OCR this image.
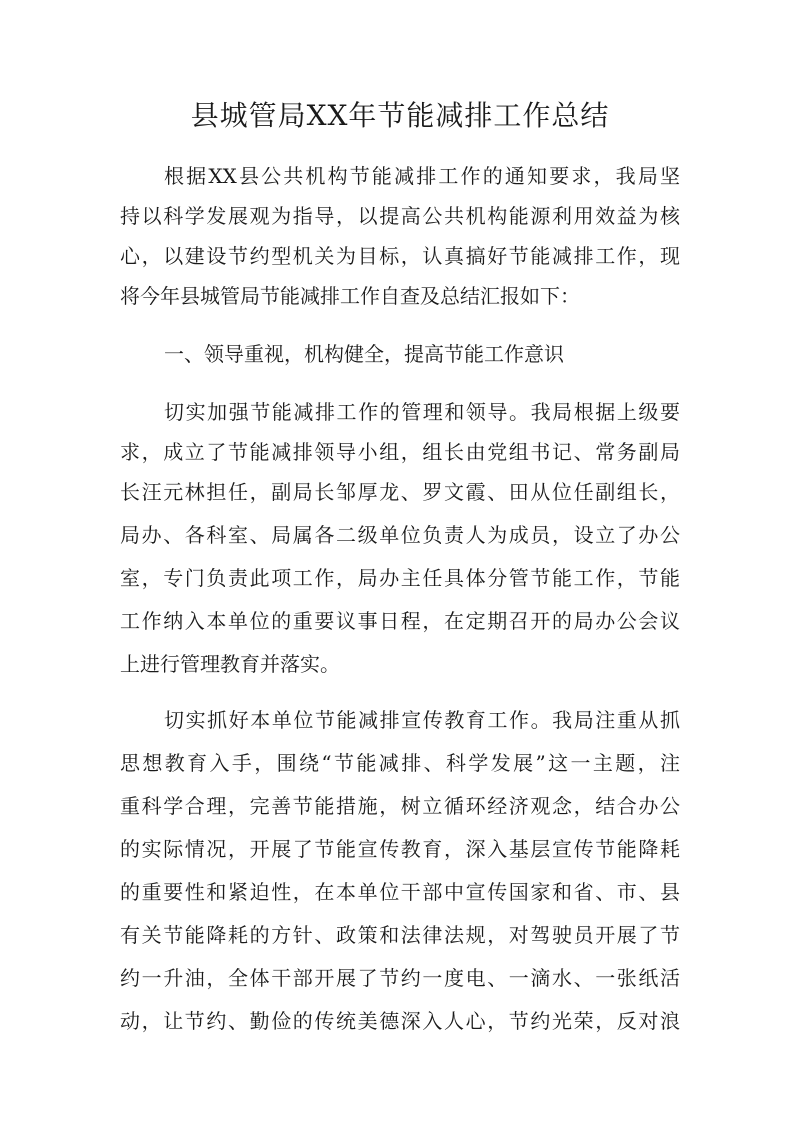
县城管局XX年节能减排工作总结

根据XX县公共机构节能减排工作的通知要求，我局坚

持以科学发展观为指导，以提高公共机构能源利用效益为核

心，以建设节约型机关为目标，认真搞好节能减排工作，现

将今年县城管局节能减排工作自查及总结汇报如下：

一、领导重视，机构健全，提高节能工作意识

切实加强节能减排工作的管理和领导。我局根据上级要

求，成立了节能减排领导小组，组长由党组书记、常务副局

长汪元林担任，副局长邹厚龙、罗文霞、田从位任副组长，

局办、各科室、局属各二级单位负责人为成员，设立了办公

室，专门负责此项工作，局办主任具体分管节能工作，节能

工作纳入本单位的重要议事日程，在定期召开的局办公会议

上进行管理教育并落实。

切实抓好本单位节能减排宣传教育工作。我局注重从抓

思想教育入手，围绕“节能减排、科学发展”这一主题，注

重科学合理，完善节能措施，树立循环经济观念，结合办公

的实际情况，开展了节能宣传教育，深入基层宣传节能降耗

的重要性和紧迫性，在本单位干部中宣传国家和省、市、县

有关节能降耗的方针、政策和法律法规，对驾驶员开展了节

约一升油，全体干部开展了节约一度电、一滴水、一张纸活

动，让节约、勤俭的传统美德深入人心，节约光荣，反对浪
